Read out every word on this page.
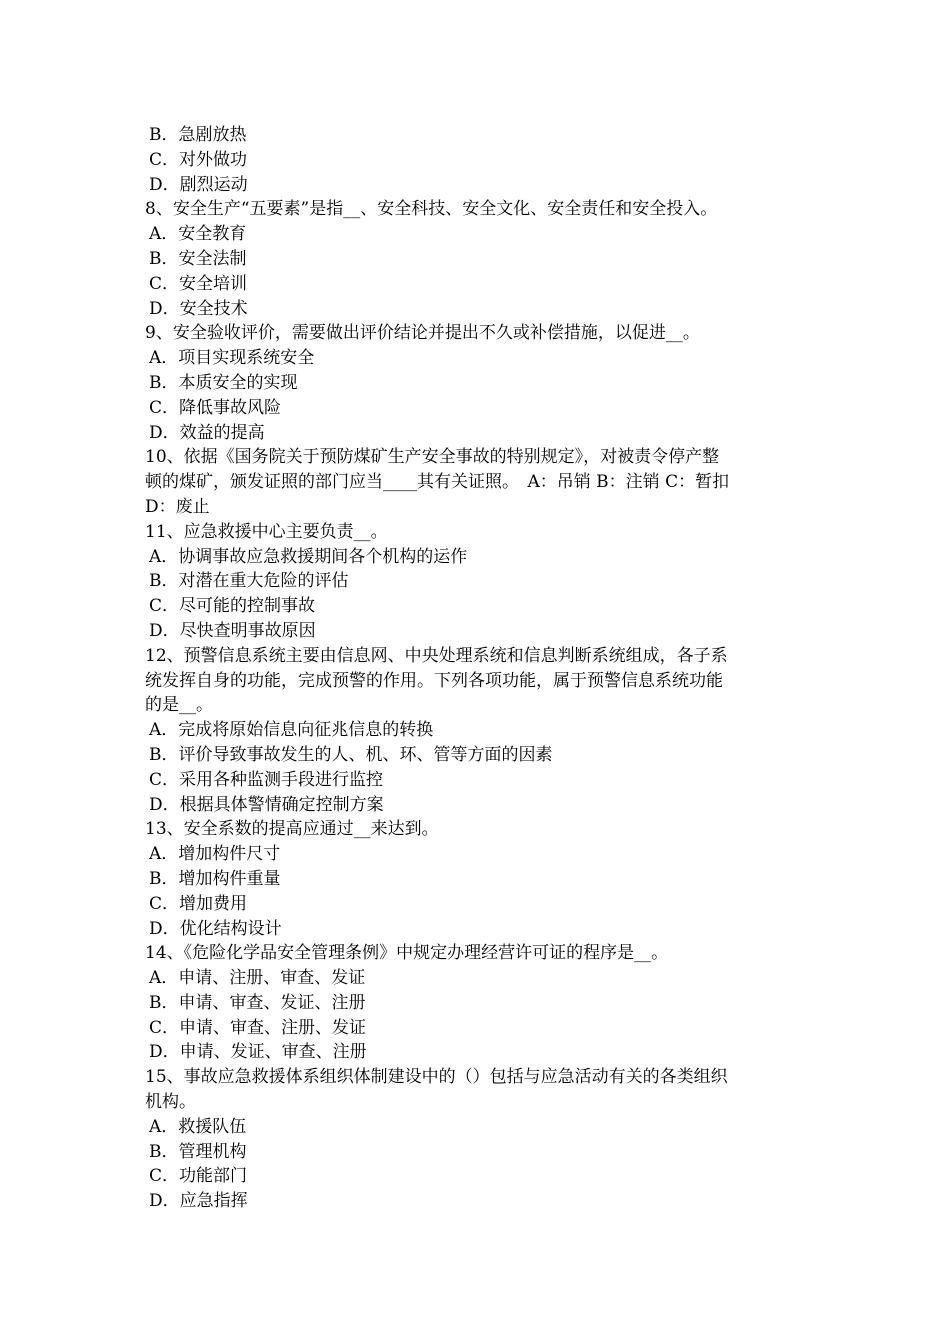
B．急剧放热

C．对外做功

D．剧烈运动

8、安全生产“五要素”是指__、安全科技、安全文化、安全责任和安全投入。

A．安全教育

B．安全法制

C．安全培训

D．安全技术

9、安全验收评价，需要做出评价结论并提出不久或补偿措施，以促进__。

A．项目实现系统安全

B．本质安全的实现

C．降低事故风险

D．效益的提高

10、依据《国务院关于预防煤矿生产安全事故的特别规定》，对被责令停产整

顿的煤矿，颁发证照的部门应当____其有关证照。　A：吊销 B：注销 C：暂扣

D：废止

11、应急救援中心主要负责__。

A．协调事故应急救援期间各个机构的运作

B．对潜在重大危险的评估

C．尽可能的控制事故

D．尽快查明事故原因

12、预警信息系统主要由信息网、中央处理系统和信息判断系统组成，各子系

统发挥自身的功能，完成预警的作用。下列各项功能，属于预警信息系统功能

的是__。

A．完成将原始信息向征兆信息的转换

B．评价导致事故发生的人、机、环、管等方面的因素

C．采用各种监测手段进行监控

D．根据具体警情确定控制方案

13、安全系数的提高应通过__来达到。

A．增加构件尺寸

B．增加构件重量

C．增加费用

D．优化结构设计

14、《危险化学品安全管理条例》中规定办理经营许可证的程序是__。

A．申请、注册、审查、发证

B．申请、审查、发证、注册

C．申请、审查、注册、发证

D．申请、发证、审查、注册

15、事故应急救援体系组织体制建设中的（）包括与应急活动有关的各类组织

机构。

A．救援队伍

B．管理机构

C．功能部门

D．应急指挥
